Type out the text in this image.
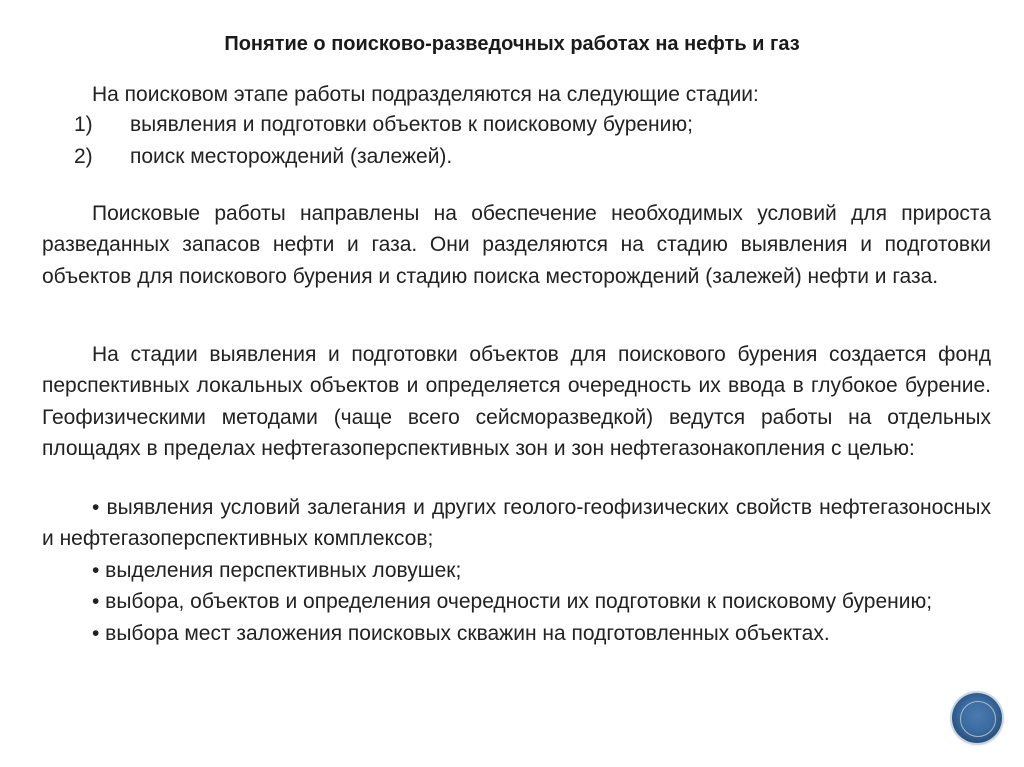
Понятие о поисково-разведочных работах на нефть и газ
На поисковом этапе работы подразделяются на следующие стадии:
1)	выявления и подготовки объектов к поисковому бурению;
2)	поиск месторождений (залежей).
Поисковые работы направлены на обеспечение необходимых условий для прироста разведанных запасов нефти и газа. Они разделяются на стадию выявления и подготовки объектов для поискового бурения и стадию поиска месторождений (залежей) нефти и газа.
На стадии выявления и подготовки объектов для поискового бурения создается фонд перспективных локальных объектов и определяется очередность их ввода в глубокое бурение. Геофизическими методами (чаще всего сейсморазведкой) ведутся работы на отдельных площадях в пределах нефтегазоперспективных зон и зон нефтегазонакопления с целью:
• выявления условий залегания и других геолого-геофизических свойств нефтегазоносных и нефтегазоперспективных комплексов;
• выделения перспективных ловушек;
• выбора, объектов и определения очередности их подготовки к поисковому бурению;
• выбора мест заложения поисковых скважин на подготовленных объектах.
